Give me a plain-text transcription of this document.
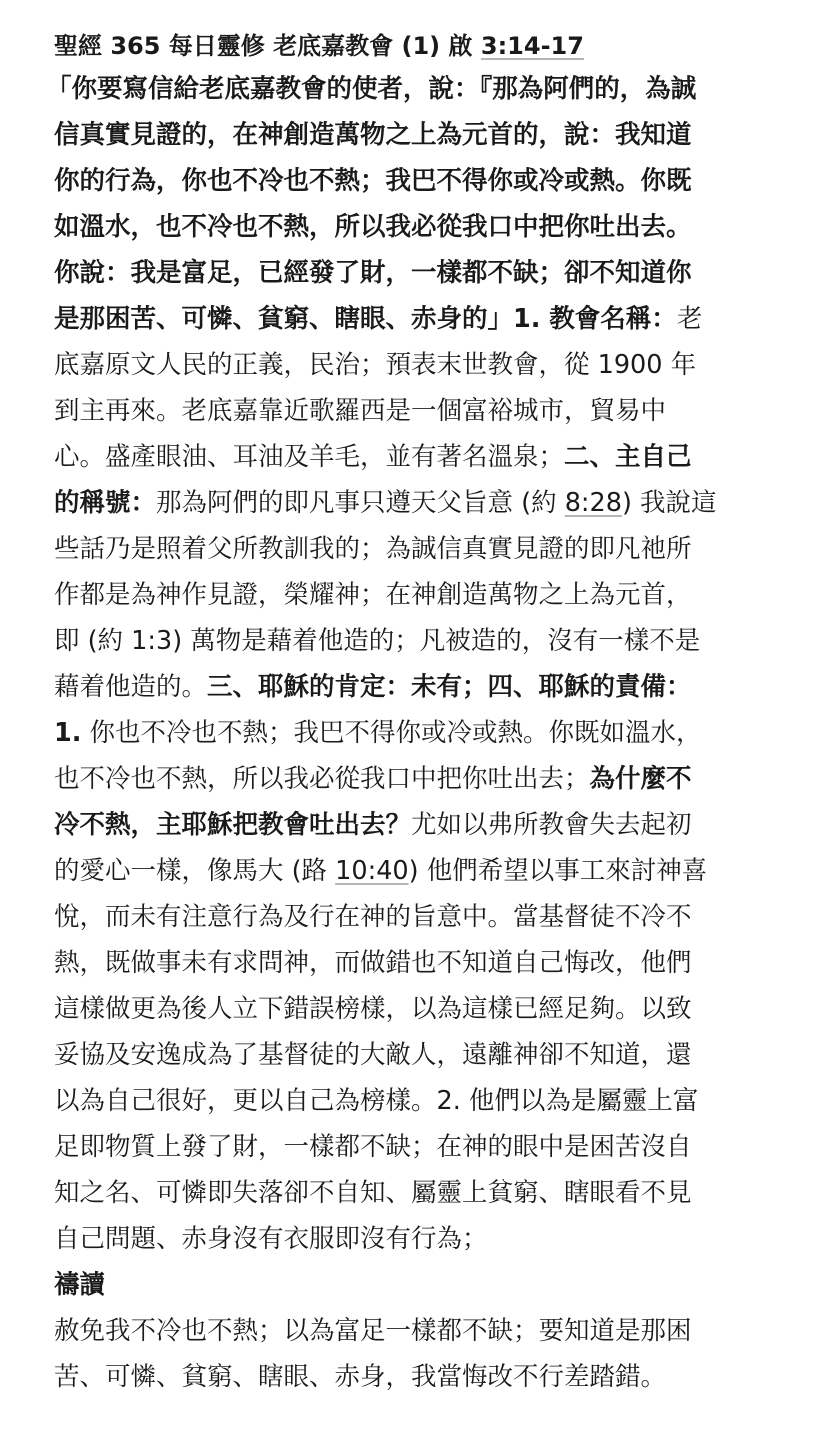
聖經 365 每日靈修 老底嘉教會 (1) 啟 3:14-17
「你要寫信給老底嘉教會的使者，說：『那為阿們的，為誠
信真實見證的，在神創造萬物之上為元首的，說：我知道
你的行為，你也不冷也不熱；我巴不得你或冷或熱。你既
如溫水，也不冷也不熱，所以我必從我口中把你吐出去。
你說：我是富足，已經發了財，一樣都不缺；卻不知道你
是那困苦、可憐、貧窮、瞎眼、赤身的」1. 教會名稱：老
底嘉原文人民的正義，民治；預表末世教會，從 1900 年
到主再來。老底嘉靠近歌羅西是一個富裕城市，貿易中
心。盛產眼油、耳油及羊毛，並有著名溫泉；二、主自己
的稱號：那為阿們的即凡事只遵天父旨意 (約 8:28) 我說這
些話乃是照着父所教訓我的；為誠信真實見證的即凡祂所
作都是為神作見證，榮耀神；在神創造萬物之上為元首，
即 (約 1:3) 萬物是藉着他造的；凡被造的，沒有一樣不是
藉着他造的。三、耶穌的肯定：未有；四、耶穌的責備：
1. 你也不冷也不熱；我巴不得你或冷或熱。你既如溫水，
也不冷也不熱，所以我必從我口中把你吐出去；為什麼不
冷不熱，主耶穌把教會吐出去？尤如以弗所教會失去起初
的愛心一樣，像馬大 (路 10:40) 他們希望以事工來討神喜
悅，而未有注意行為及行在神的旨意中。當基督徒不冷不
熱，既做事未有求問神，而做錯也不知道自己悔改，他們
這樣做更為後人立下錯誤榜樣，以為這樣已經足夠。以致
妥協及安逸成為了基督徒的大敵人，遠離神卻不知道，還
以為自己很好，更以自己為榜樣。2. 他們以為是屬靈上富
足即物質上發了財，一樣都不缺；在神的眼中是困苦沒自
知之名、可憐即失落卻不自知、屬靈上貧窮、瞎眼看不見
自己問題、赤身沒有衣服即沒有行為；
禱讀
赦免我不冷也不熱；以為富足一樣都不缺；要知道是那困
苦、可憐、貧窮、瞎眼、赤身，我當悔改不行差踏錯。
